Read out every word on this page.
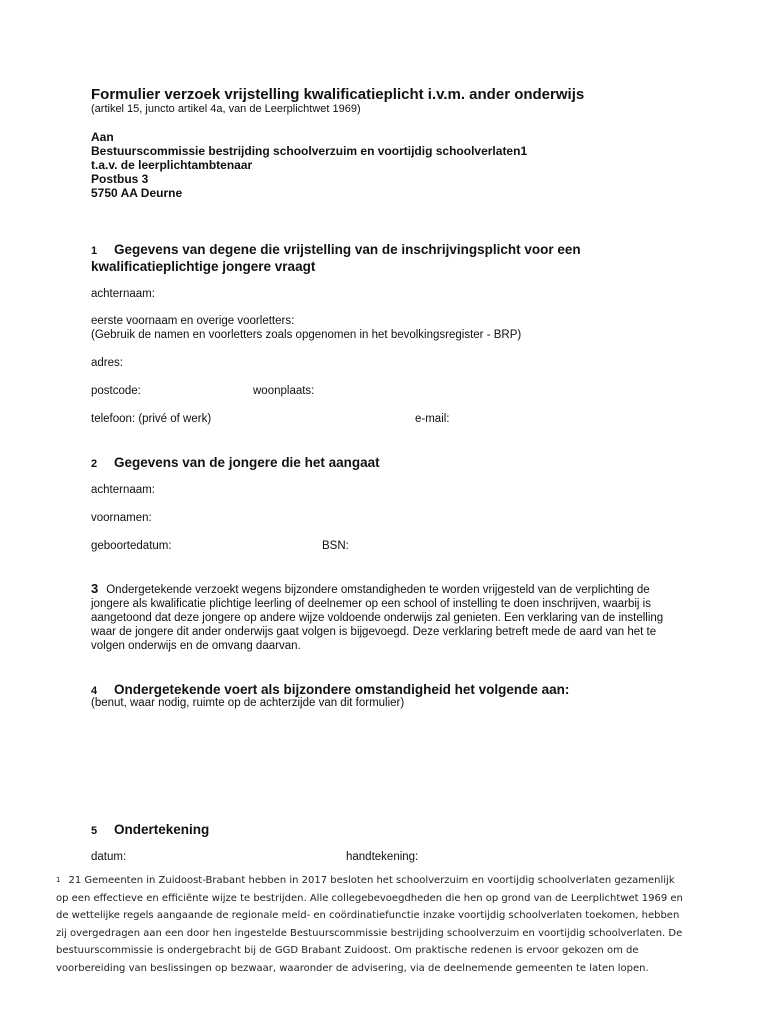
Formulier verzoek vrijstelling kwalificatieplicht i.v.m. ander onderwijs
(artikel 15, juncto artikel 4a, van de Leerplichtwet 1969)
Aan
Bestuurscommissie bestrijding schoolverzuim en voortijdig schoolverlaten1
t.a.v. de leerplichtambtenaar
Postbus 3
5750 AA Deurne
1 Gegevens van degene die vrijstelling van de inschrijvingsplicht voor een
kwalificatieplichtige jongere vraagt
achternaam:
eerste voornaam en overige voorletters:
(Gebruik de namen en voorletters zoals opgenomen in het bevolkingsregister - BRP)
adres:
postcode:	woonplaats:
telefoon: (privé of werk)	e-mail:
2 Gegevens van de jongere die het aangaat
achternaam:
voornamen:
geboortedatum:	BSN:
3 Ondergetekende verzoekt wegens bijzondere omstandigheden te worden vrijgesteld van de verplichting de jongere als kwalificatie plichtige leerling of deelnemer op een school of instelling te doen inschrijven, waarbij is aangetoond dat deze jongere op andere wijze voldoende onderwijs zal genieten. Een verklaring van de instelling waar de jongere dit ander onderwijs gaat volgen is bijgevoegd. Deze verklaring betreft mede de aard van het te volgen onderwijs en de omvang daarvan.
4 Ondergetekende voert als bijzondere omstandigheid het volgende aan:
(benut, waar nodig, ruimte op de achterzijde van dit formulier)
5 Ondertekening
datum:	handtekening:
$^1$ 21 Gemeenten in Zuidoost-Brabant hebben in 2017 besloten het schoolverzuim en voortijdig schoolverlaten gezamenlijk op een effectieve en efficiënte wijze te bestrijden. Alle collegebevoegdheden die hen op grond van de Leerplichtwet 1969 en de wettelijke regels aangaande de regionale meld- en coördinatiefunctie inzake voortijdig schoolverlaten toekomen, hebben zij overgedragen aan een door hen ingestelde Bestuurscommissie bestrijding schoolverzuim en voortijdig schoolverlaten. De bestuurscommissie is ondergebracht bij de GGD Brabant Zuidoost. Om praktische redenen is ervoor gekozen om de voorbereiding van beslissingen op bezwaar, waaronder de advisering, via de deelnemende gemeenten te laten lopen.
